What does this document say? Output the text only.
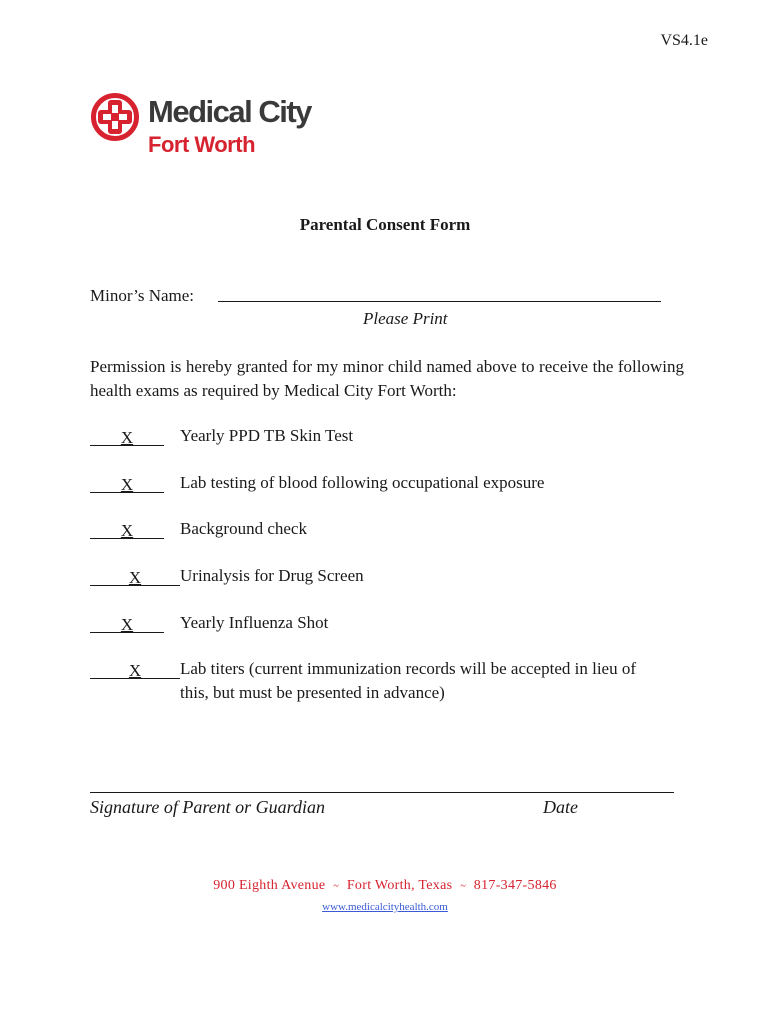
VS4.1e
Medical City
Fort Worth
Parental Consent Form
Minor’s Name:
Please Print
Permission is hereby granted for my minor child named above to receive the following health exams as required by Medical City Fort Worth:
X	Yearly PPD TB Skin Test
X	Lab testing of blood following occupational exposure
X	Background check
X	Urinalysis for Drug Screen
X	Yearly Influenza Shot
X	Lab titers (current immunization records will be accepted in lieu of this, but must be presented in advance)
Signature of Parent or Guardian	Date
900 Eighth Avenue ~ Fort Worth, Texas ~ 817-347-5846
www.medicalcityhealth.com
